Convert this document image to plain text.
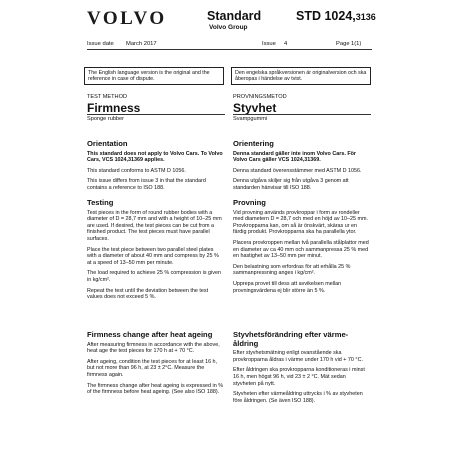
VOLVO	Standard
Volvo Group
STD 1024,3136
Issue date March 2017	Issue 4	Page 1(1)
The English language version is the original and the reference in case of dispute.
Den engelska språkversionen är originalversion och ska åberopas i händelse av tvist.
TEST METHOD
Firmness
Sponge rubber
PROVNINGSMETOD
Styvhet
Svampgummi
Orientation

This standard does not apply to Volvo Cars. To Volvo Cars, VCS 1024,31369 applies.

This standard conforms to ASTM D 1056.

This issue differs from issue 3 in that the standard contains a reference to ISO 188.

Testing

Test pieces in the form of round rubber bodies with a diameter of D = 28,7 mm and with a height of 10–25 mm are used. If desired, the test pieces can be cut from a finished product. The test pieces must have parallel surfaces.

Place the test piece between two parallel steel plates with a diameter of about 40 mm and compress by 25 % at a speed of 13–50 mm per minute.

The load required to achieve 25 % compression is given in kg/cm².

Repeat the test until the deviation between the test values does not exceed 5 %.

Firmness change after heat ageing

After measuring firmness in accordance with the above, heat age the test pieces for 170 h at + 70 °C.

After ageing, condition the test pieces for at least 16 h, but not more than 96 h, at 23 ± 2°C. Measure the firmness again.

The firmness change after heat ageing is expressed in % of the firmness before heat ageing. (See also ISO 188).

Orientering

Denna standard gäller inte inom Volvo Cars. För Volvo Cars gäller VCS 1024,31369.

Denna standard överensstämmer med ASTM D 1056.

Denna utgåva skiljer sig från utgåva 3 genom att standarden hänvisar till ISO 188.

Provning

Vid provning används provkroppar i form av rondeller med diametern D = 28,7 och med en höjd av 10–25 mm. Provkropparna kan, om så är önskvärt, skäras ur en färdig produkt. Provkropparna ska ha parallella ytor.

Placera provkroppen mellan två parallella stålplattor med en diameter av ca 40 mm och sammanpressa 25 % med en hastighet av 13–50 mm per minut.

Den belastning som erfordras för att erhålla 25 % sammanpressning anges i kg/cm².

Upprepa provet till dess att avvikelsen mellan provningsvärdena ej blir större än 5 %.

Styvhetsförändring efter värme-åldring

Efter styvhetsmätning enligt ovanstående ska provkropparna åldras i värme under 170 h vid + 70 °C.

Efter åldringen ska provkropparna konditioneras i minst 16 h, men högst 96 h, vid 23 ± 2 °C. Mät sedan styvheten på nytt.

Styvheten efter värmeåldring uttrycks i % av styvheten före åldringen. (Se även ISO 188).
